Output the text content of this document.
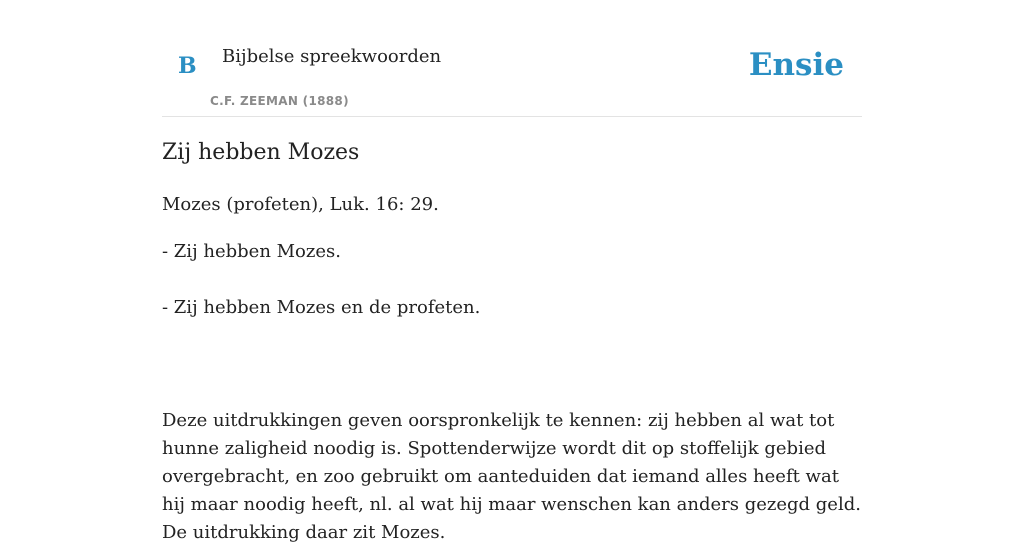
B Bijbelse spreekwoorden
C.F. ZEEMAN (1888)
Ensie
Zij hebben Mozes

Mozes (profeten), Luk. 16: 29.

- Zij hebben Mozes.

- Zij hebben Mozes en de profeten.

Deze uitdrukkingen geven oorspronkelijk te kennen: zij hebben al wat tot hunne zaligheid noodig is. Spottenderwijze wordt dit op stoffelijk gebied overgebracht, en zoo gebruikt om aanteduiden dat iemand alles heeft wat hij maar noodig heeft, nl. al wat hij maar wenschen kan anders gezegd geld. De uitdrukking daar zit Mozes.
